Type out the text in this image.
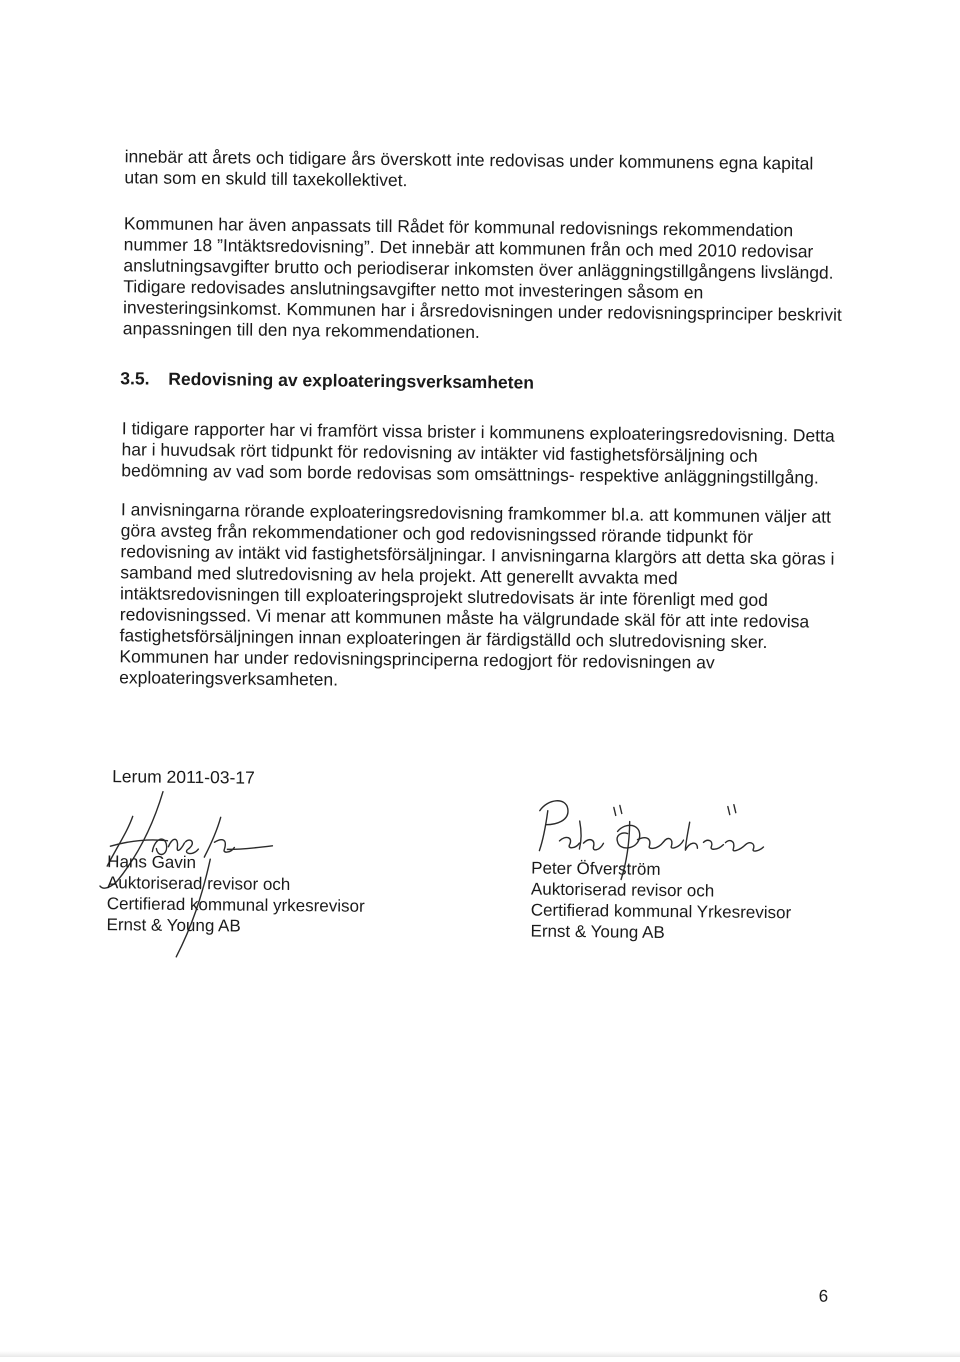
innebär att årets och tidigare års överskott inte redovisas under kommunens egna kapital
utan som en skuld till taxekollektivet.

Kommunen har även anpassats till Rådet för kommunal redovisnings rekommendation
nummer 18 ”Intäktsredovisning”. Det innebär att kommunen från och med 2010 redovisar
anslutningsavgifter brutto och periodiserar inkomsten över anläggningstillgångens livslängd.
Tidigare redovisades anslutningsavgifter netto mot investeringen såsom en
investeringsinkomst. Kommunen har i årsredovisningen under redovisningsprinciper beskrivit
anpassningen till den nya rekommendationen.

3.5. Redovisning av exploateringsverksamheten

I tidigare rapporter har vi framfört vissa brister i kommunens exploateringsredovisning. Detta
har i huvudsak rört tidpunkt för redovisning av intäkter vid fastighetsförsäljning och
bedömning av vad som borde redovisas som omsättnings- respektive anläggningstillgång.

I anvisningarna rörande exploateringsredovisning framkommer bl.a. att kommunen väljer att
göra avsteg från rekommendationer och god redovisningssed rörande tidpunkt för
redovisning av intäkt vid fastighetsförsäljningar. I anvisningarna klargörs att detta ska göras i
samband med slutredovisning av hela projekt. Att generellt avvakta med
intäktsredovisningen till exploateringsprojekt slutredovisats är inte förenligt med god
redovisningssed. Vi menar att kommunen måste ha välgrundade skäl för att inte redovisa
fastighetsförsäljningen innan exploateringen är färdigställd och slutredovisning sker.
Kommunen har under redovisningsprinciperna redogjort för redovisningen av
exploateringsverksamheten.

Lerum 2011-03-17
Hans Gavin
Auktoriserad revisor och
Certifierad kommunal yrkesrevisor
Ernst & Young AB
Peter Öfverström
Auktoriserad revisor och
Certifierad kommunal Yrkesrevisor
Ernst & Young AB
6
